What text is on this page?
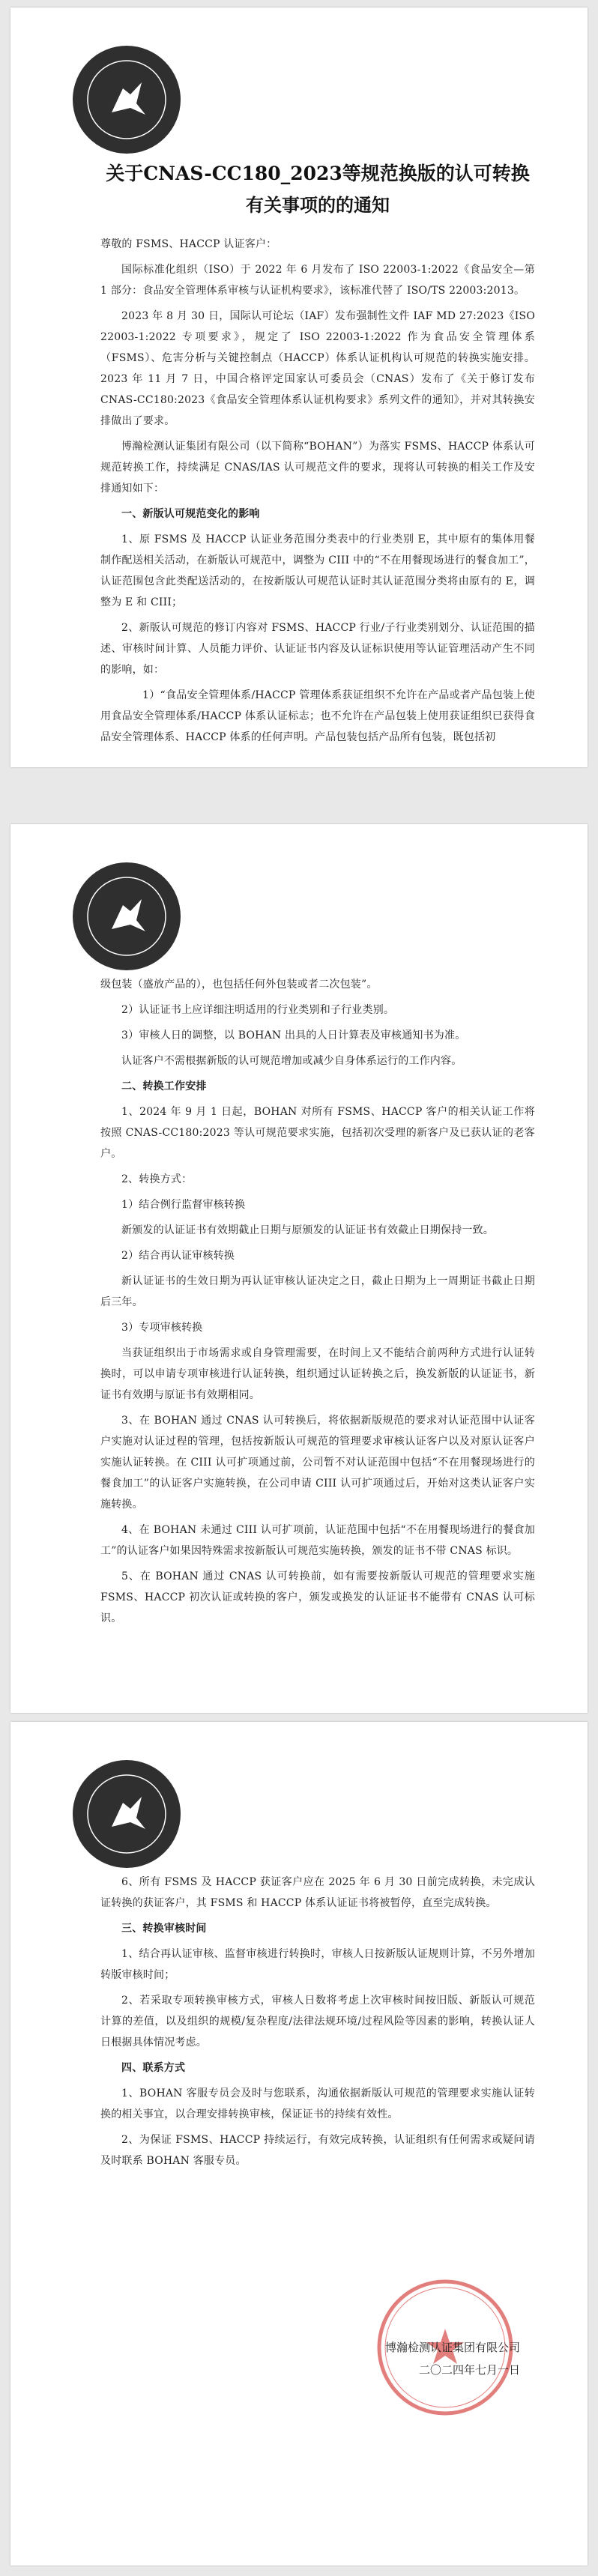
关于CNAS-CC180_2023等规范换版的认可转换
有关事项的的通知

尊敬的 FSMS、HACCP 认证客户：

国际标准化组织（ISO）于 2022 年 6 月发布了 ISO 22003-1:2022《食品安全—第 1 部分：食品安全管理体系审核与认证机构要求》，该标准代替了 ISO/TS 22003:2013。

2023 年 8 月 30 日，国际认可论坛（IAF）发布强制性文件 IAF MD 27:2023《ISO 22003-1:2022 专项要求》，规定了 ISO 22003-1:2022 作为食品安全管理体系（FSMS）、危害分析与关键控制点（HACCP）体系认证机构认可规范的转换实施安排。2023 年 11 月 7 日，中国合格评定国家认可委员会（CNAS）发布了《关于修订发布 CNAS-CC180:2023《食品安全管理体系认证机构要求》系列文件的通知》，并对其转换安排做出了要求。

博瀚检测认证集团有限公司（以下简称“BOHAN”）为落实 FSMS、HACCP 体系认可规范转换工作，持续满足 CNAS/IAS 认可规范文件的要求，现将认可转换的相关工作及安排通知如下：

一、新版认可规范变化的影响

1、原 FSMS 及 HACCP 认证业务范围分类表中的行业类别 E，其中原有的集体用餐制作配送相关活动，在新版认可规范中，调整为 CIII 中的“不在用餐现场进行的餐食加工”，认证范围包含此类配送活动的，在按新版认可规范认证时其认证范围分类将由原有的 E，调整为 E 和 CIII；

2、新版认可规范的修订内容对 FSMS、HACCP 行业/子行业类别划分、认证范围的描述、审核时间计算、人员能力评价、认证证书内容及认证标识使用等认证管理活动产生不同的影响，如：

1）“食品安全管理体系/HACCP 管理体系获证组织不允许在产品或者产品包装上使用食品安全管理体系/HACCP 体系认证标志；也不允许在产品包装上使用获证组织已获得食品安全管理体系、HACCP 体系的任何声明。产品包装包括产品所有包装，既包括初

级包装（盛放产品的），也包括任何外包装或者二次包装”。

2）认证证书上应详细注明适用的行业类别和子行业类别。

3）审核人日的调整，以 BOHAN 出具的人日计算表及审核通知书为准。

认证客户不需根据新版的认可规范增加或减少自身体系运行的工作内容。

二、转换工作安排

1、2024 年 9 月 1 日起，BOHAN 对所有 FSMS、HACCP 客户的相关认证工作将按照 CNAS-CC180:2023 等认可规范要求实施，包括初次受理的新客户及已获认证的老客户。

2、转换方式：

1）结合例行监督审核转换

新颁发的认证证书有效期截止日期与原颁发的认证证书有效截止日期保持一致。

2）结合再认证审核转换

新认证证书的生效日期为再认证审核认证决定之日，截止日期为上一周期证书截止日期后三年。

3）专项审核转换

当获证组织出于市场需求或自身管理需要，在时间上又不能结合前两种方式进行认证转换时，可以申请专项审核进行认证转换，组织通过认证转换之后，换发新版的认证证书，新证书有效期与原证书有效期相同。

3、在 BOHAN 通过 CNAS 认可转换后，将依据新版规范的要求对认证范围中认证客户实施对认证过程的管理，包括按新版认可规范的管理要求审核认证客户以及对原认证客户实施认证转换。在 CIII 认可扩项通过前，公司暂不对认证范围中包括“不在用餐现场进行的餐食加工”的认证客户实施转换，在公司申请 CIII 认可扩项通过后，开始对这类认证客户实施转换。

4、在 BOHAN 未通过 CIII 认可扩项前，认证范围中包括“不在用餐现场进行的餐食加工”的认证客户如果因特殊需求按新版认可规范实施转换，颁发的证书不带 CNAS 标识。

5、在 BOHAN 通过 CNAS 认可转换前，如有需要按新版认可规范的管理要求实施 FSMS、HACCP 初次认证或转换的客户，颁发或换发的认证证书不能带有 CNAS 认可标识。

6、所有 FSMS 及 HACCP 获证客户应在 2025 年 6 月 30 日前完成转换，未完成认证转换的获证客户，其 FSMS 和 HACCP 体系认证证书将被暂停，直至完成转换。

三、转换审核时间

1、结合再认证审核、监督审核进行转换时，审核人日按新版认证规则计算，不另外增加转版审核时间；

2、若采取专项转换审核方式，审核人日数将考虑上次审核时间按旧版、新版认可规范 计算的差值，以及组织的规模/复杂程度/法律法规环境/过程风险等因素的影响，转换认证人日根据具体情况考虑。

四、联系方式

1、BOHAN 客服专员会及时与您联系，沟通依据新版认可规范的管理要求实施认证转换的相关事宜，以合理安排转换审核，保证证书的持续有效性。

2、为保证 FSMS、HACCP 持续运行，有效完成转换，认证组织有任何需求或疑问请及时联系 BOHAN 客服专员。

博瀚检测认证集团有限公司
二〇二四年七月一日
